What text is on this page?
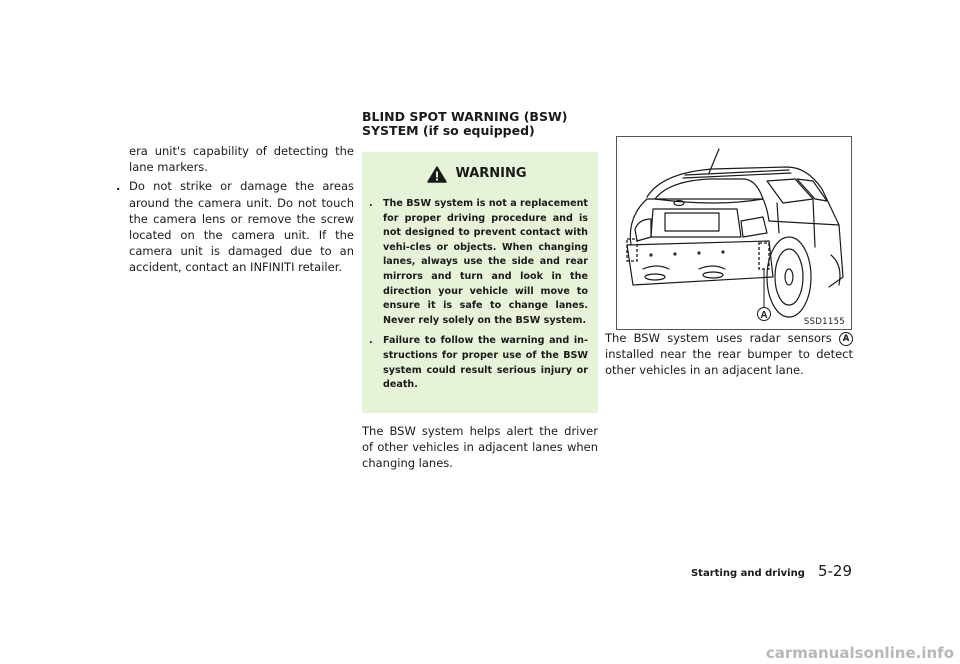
era unit's capability of detecting the lane markers.

. Do not strike or damage the areas around the camera unit. Do not touch the camera lens or remove the screw located on the camera unit. If the camera unit is damaged due to an accident, contact an INFINITI retailer.

BLIND SPOT WARNING (BSW) SYSTEM (if so equipped)
WARNING

. The BSW system is not a replacement for proper driving procedure and is not designed to prevent contact with vehi-cles or objects. When changing lanes, always use the side and rear mirrors and turn and look in the direction your vehicle will move to ensure it is safe to change lanes. Never rely solely on the BSW system.

. Failure to follow the warning and in-structions for proper use of the BSW system could result serious injury or death.

The BSW system helps alert the driver of other vehicles in adjacent lanes when changing lanes.

A
SSD1155

The BSW system uses radar sensors A installed near the rear bumper to detect other vehicles in an adjacent lane.

Starting and driving 5-29
carmanualsonline.info
